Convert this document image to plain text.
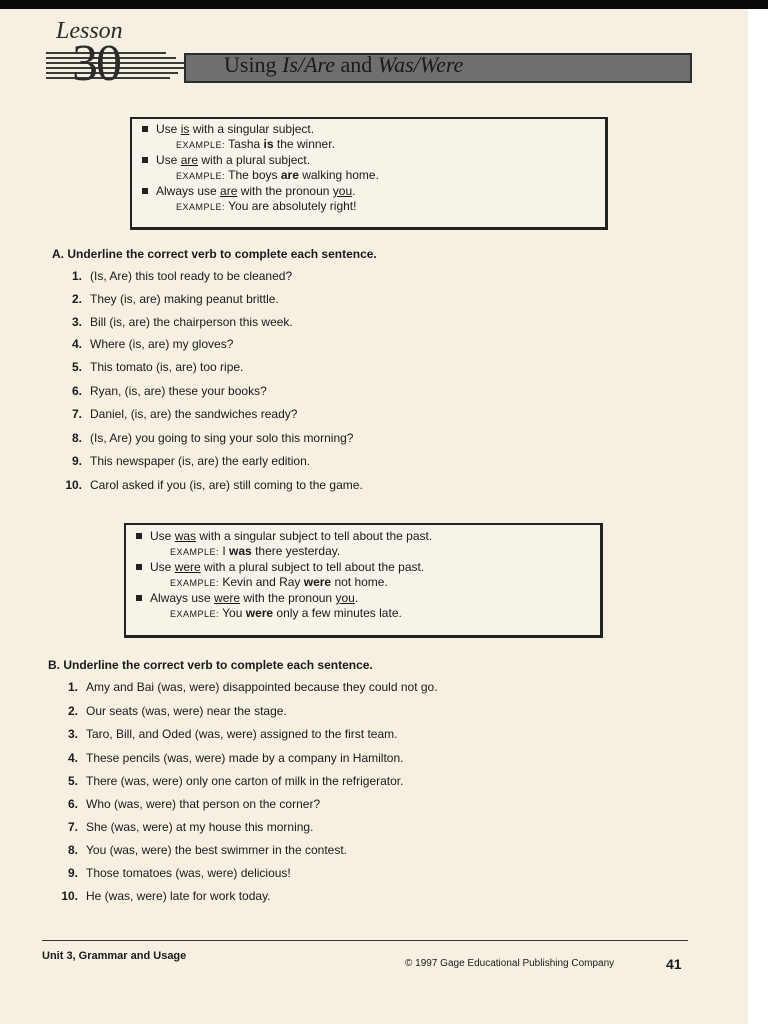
Lesson
30	Using Is/Are and Was/Were
Use is with a singular subject.
EXAMPLE: Tasha is the winner.
Use are with a plural subject.
EXAMPLE: The boys are walking home.
Always use are with the pronoun you.
EXAMPLE: You are absolutely right!
A. Underline the correct verb to complete each sentence.
1. (Is, Are) this tool ready to be cleaned?
2. They (is, are) making peanut brittle.
3. Bill (is, are) the chairperson this week.
4. Where (is, are) my gloves?
5. This tomato (is, are) too ripe.
6. Ryan, (is, are) these your books?
7. Daniel, (is, are) the sandwiches ready?
8. (Is, Are) you going to sing your solo this morning?
9. This newspaper (is, are) the early edition.
10. Carol asked if you (is, are) still coming to the game.
Use was with a singular subject to tell about the past.
EXAMPLE: I was there yesterday.
Use were with a plural subject to tell about the past.
EXAMPLE: Kevin and Ray were not home.
Always use were with the pronoun you.
EXAMPLE: You were only a few minutes late.
B. Underline the correct verb to complete each sentence.
1. Amy and Bai (was, were) disappointed because they could not go.
2. Our seats (was, were) near the stage.
3. Taro, Bill, and Oded (was, were) assigned to the first team.
4. These pencils (was, were) made by a company in Hamilton.
5. There (was, were) only one carton of milk in the refrigerator.
6. Who (was, were) that person on the corner?
7. She (was, were) at my house this morning.
8. You (was, were) the best swimmer in the contest.
9. Those tomatoes (was, were) delicious!
10. He (was, were) late for work today.
Unit 3, Grammar and Usage
© 1997 Gage Educational Publishing Company	41
